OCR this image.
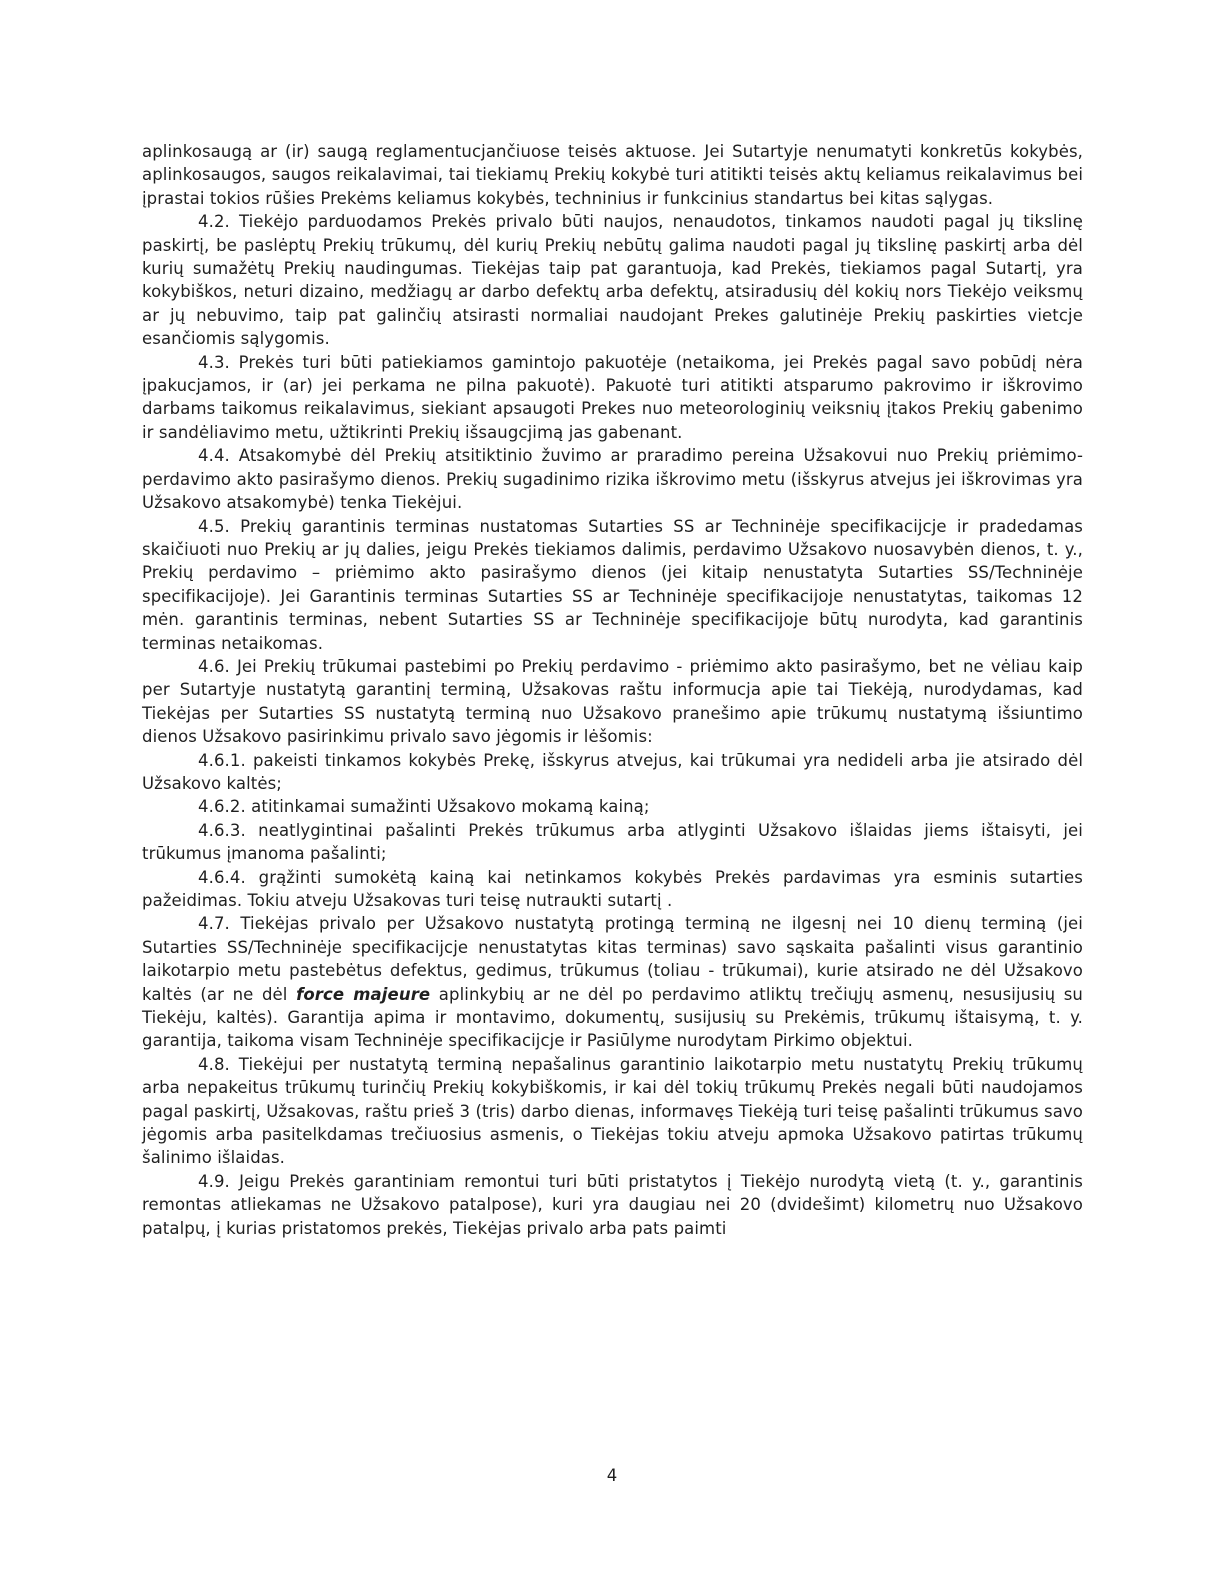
aplinkosaugą ar (ir) saugą reglamentucjančiuose teisės aktuose. Jei Sutartyje nenumatyti konkretūs kokybės, aplinkosaugos, saugos reikalavimai, tai tiekiamų Prekių kokybė turi atitikti teisės aktų keliamus reikalavimus bei įprastai tokios rūšies Prekėms keliamus kokybės, techninius ir funkcinius standartus bei kitas sąlygas.

4.2. Tiekėjo parduodamos Prekės privalo būti naujos, nenaudotos, tinkamos naudoti pagal jų tikslinę paskirtį, be paslėptų Prekių trūkumų, dėl kurių Prekių nebūtų galima naudoti pagal jų tikslinę paskirtį arba dėl kurių sumažėtų Prekių naudingumas. Tiekėjas taip pat garantuoja, kad Prekės, tiekiamos pagal Sutartį, yra kokybiškos, neturi dizaino, medžiagų ar darbo defektų arba defektų, atsiradusių dėl kokių nors Tiekėjo veiksmų ar jų nebuvimo, taip pat galinčių atsirasti normaliai naudojant Prekes galutinėje Prekių paskirties vietcje esančiomis sąlygomis.

4.3. Prekės turi būti patiekiamos gamintojo pakuotėje (netaikoma, jei Prekės pagal savo pobūdį nėra įpakucjamos, ir (ar) jei perkama ne pilna pakuotė). Pakuotė turi atitikti atsparumo pakrovimo ir iškrovimo darbams taikomus reikalavimus, siekiant apsaugoti Prekes nuo meteorologinių veiksnių įtakos Prekių gabenimo ir sandėliavimo metu, užtikrinti Prekių išsaugcjimą jas gabenant.

4.4. Atsakomybė dėl Prekių atsitiktinio žuvimo ar praradimo pereina Užsakovui nuo Prekių priėmimo-perdavimo akto pasirašymo dienos. Prekių sugadinimo rizika iškrovimo metu (išskyrus atvejus jei iškrovimas yra Užsakovo atsakomybė) tenka Tiekėjui.

4.5. Prekių garantinis terminas nustatomas Sutarties SS ar Techninėje specifikacijcje ir pradedamas skaičiuoti nuo Prekių ar jų dalies, jeigu Prekės tiekiamos dalimis, perdavimo Užsakovo nuosavybėn dienos, t. y., Prekių perdavimo – priėmimo akto pasirašymo dienos (jei kitaip nenustatyta Sutarties SS/Techninėje specifikacijoje). Jei Garantinis terminas Sutarties SS ar Techninėje specifikacijoje nenustatytas, taikomas 12 mėn. garantinis terminas, nebent Sutarties SS ar Techninėje specifikacijoje būtų nurodyta, kad garantinis terminas netaikomas.

4.6. Jei Prekių trūkumai pastebimi po Prekių perdavimo - priėmimo akto pasirašymo, bet ne vėliau kaip per Sutartyje nustatytą garantinį terminą, Užsakovas raštu informucja apie tai Tiekėją, nurodydamas, kad Tiekėjas per Sutarties SS nustatytą terminą nuo Užsakovo pranešimo apie trūkumų nustatymą išsiuntimo dienos Užsakovo pasirinkimu privalo savo jėgomis ir lėšomis:

4.6.1. pakeisti tinkamos kokybės Prekę, išskyrus atvejus, kai trūkumai yra nedideli arba jie atsirado dėl Užsakovo kaltės;

4.6.2. atitinkamai sumažinti Užsakovo mokamą kainą;

4.6.3. neatlygintinai pašalinti Prekės trūkumus arba atlyginti Užsakovo išlaidas jiems ištaisyti, jei trūkumus įmanoma pašalinti;

4.6.4. grąžinti sumokėtą kainą kai netinkamos kokybės Prekės pardavimas yra esminis sutarties pažeidimas. Tokiu atveju Užsakovas turi teisę nutraukti sutartį .

4.7. Tiekėjas privalo per Užsakovo nustatytą protingą terminą ne ilgesnį nei 10 dienų terminą (jei Sutarties SS/Techninėje specifikacijcje nenustatytas kitas terminas) savo sąskaita pašalinti visus garantinio laikotarpio metu pastebėtus defektus, gedimus, trūkumus (toliau - trūkumai), kurie atsirado ne dėl Užsakovo kaltės (ar ne dėl force majeure aplinkybių ar ne dėl po perdavimo atliktų trečiųjų asmenų, nesusijusių su Tiekėju, kaltės). Garantija apima ir montavimo, dokumentų, susijusių su Prekėmis, trūkumų ištaisymą, t. y. garantija, taikoma visam Techninėje specifikacijcje ir Pasiūlyme nurodytam Pirkimo objektui.

4.8. Tiekėjui per nustatytą terminą nepašalinus garantinio laikotarpio metu nustatytų Prekių trūkumų arba nepakeitus trūkumų turinčių Prekių kokybiškomis, ir kai dėl tokių trūkumų Prekės negali būti naudojamos pagal paskirtį, Užsakovas, raštu prieš 3 (tris) darbo dienas, informavęs Tiekėją turi teisę pašalinti trūkumus savo jėgomis arba pasitelkdamas trečiuosius asmenis, o Tiekėjas tokiu atveju apmoka Užsakovo patirtas trūkumų šalinimo išlaidas.

4.9. Jeigu Prekės garantiniam remontui turi būti pristatytos į Tiekėjo nurodytą vietą (t. y., garantinis remontas atliekamas ne Užsakovo patalpose), kuri yra daugiau nei 20 (dvidešimt) kilometrų nuo Užsakovo patalpų, į kurias pristatomos prekės, Tiekėjas privalo arba pats paimti

4
